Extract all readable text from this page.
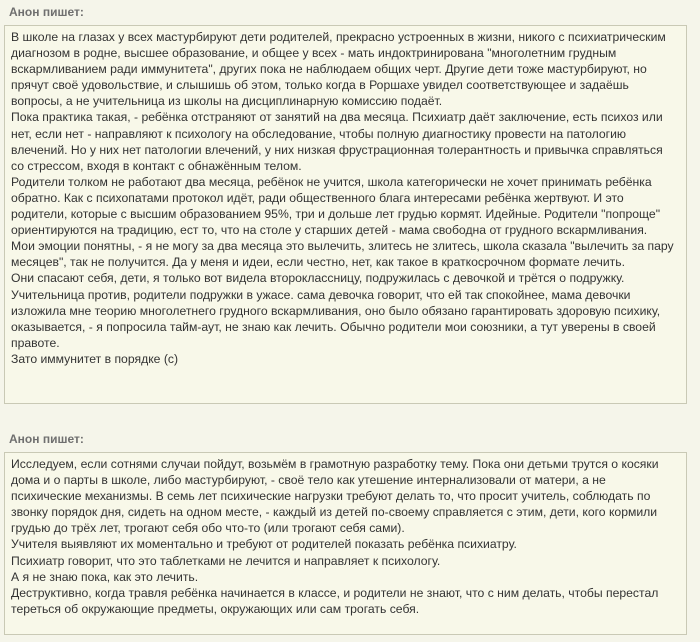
Анон пишет:

В школе на глазах у всех мастурбируют дети родителей, прекрасно устроенных в жизни, никого с психиатрическим диагнозом в родне, высшее образование, и общее у всех - мать индоктринирована "многолетним грудным вскармливанием ради иммунитета", других пока не наблюдаем общих черт. Другие дети тоже мастурбируют, но прячут своё удовольствие, и слышишь об этом, только когда в Роршахе увидел соответствующее и задаёшь вопросы, а не учительница из школы на дисциплинарную комиссию подаёт.

Пока практика такая, - ребёнка отстраняют от занятий на два месяца. Психиатр даёт заключение, есть психоз или нет, если нет - направляют к психологу на обследование, чтобы полную диагностику провести на патологию влечений. Но у них нет патологии влечений, у них низкая фрустрационная толерантность и привычка справляться со стрессом, входя в контакт с обнажённым телом.

Родители толком не работают два месяца, ребёнок не учится, школа категорически не хочет принимать ребёнка обратно. Как с психопатами протокол идёт, ради общественного блага интересами ребёнка жертвуют. И это родители, которые с высшим образованием 95%, три и дольше лет грудью кормят. Идейные. Родители "попроще" ориентируются на традицию, ест то, что на столе у старших детей - мама свободна от грудного вскармливания.

Мои эмоции понятны, - я не могу за два месяца это вылечить, злитесь не злитесь, школа сказала "вылечить за пару месяцев", так не получится. Да у меня и идеи, если честно, нет, как такое в краткосрочном формате лечить.

Они спасают себя, дети, я только вот видела второклассницу, подружилась с девочкой и трётся о подружку. Учительница против, родители подружки в ужасе. сама девочка говорит, что ей так спокойнее, мама девочки изложила мне теорию многолетнего грудного вскармливания, оно было обязано гарантировать здоровую психику, оказывается, - я попросила тайм-аут, не знаю как лечить. Обычно родители мои союзники, а тут уверены в своей правоте.

Зато иммунитет в порядке (с)

Анон пишет:

Исследуем, если сотнями случаи пойдут, возьмём в грамотную разработку тему. Пока они детьми трутся о косяки дома и о парты в школе, либо мастурбируют, - своё тело как утешение интернализовали от матери, а не психические механизмы. В семь лет психические нагрузки требуют делать то, что просит учитель, соблюдать по звонку порядок дня, сидеть на одном месте, - каждый из детей по-своему справляется с этим, дети, кого кормили грудью до трёх лет, трогают себя обо что-то (или трогают себя сами).

Учителя выявляют их моментально и требуют от родителей показать ребёнка психиатру.

Психиатр говорит, что это таблетками не лечится и направляет к психологу.

А я не знаю пока, как это лечить.

Деструктивно, когда травля ребёнка начинается в классе, и родители не знают, что с ним делать, чтобы перестал тереться об окружающие предметы, окружающих или сам трогать себя.
